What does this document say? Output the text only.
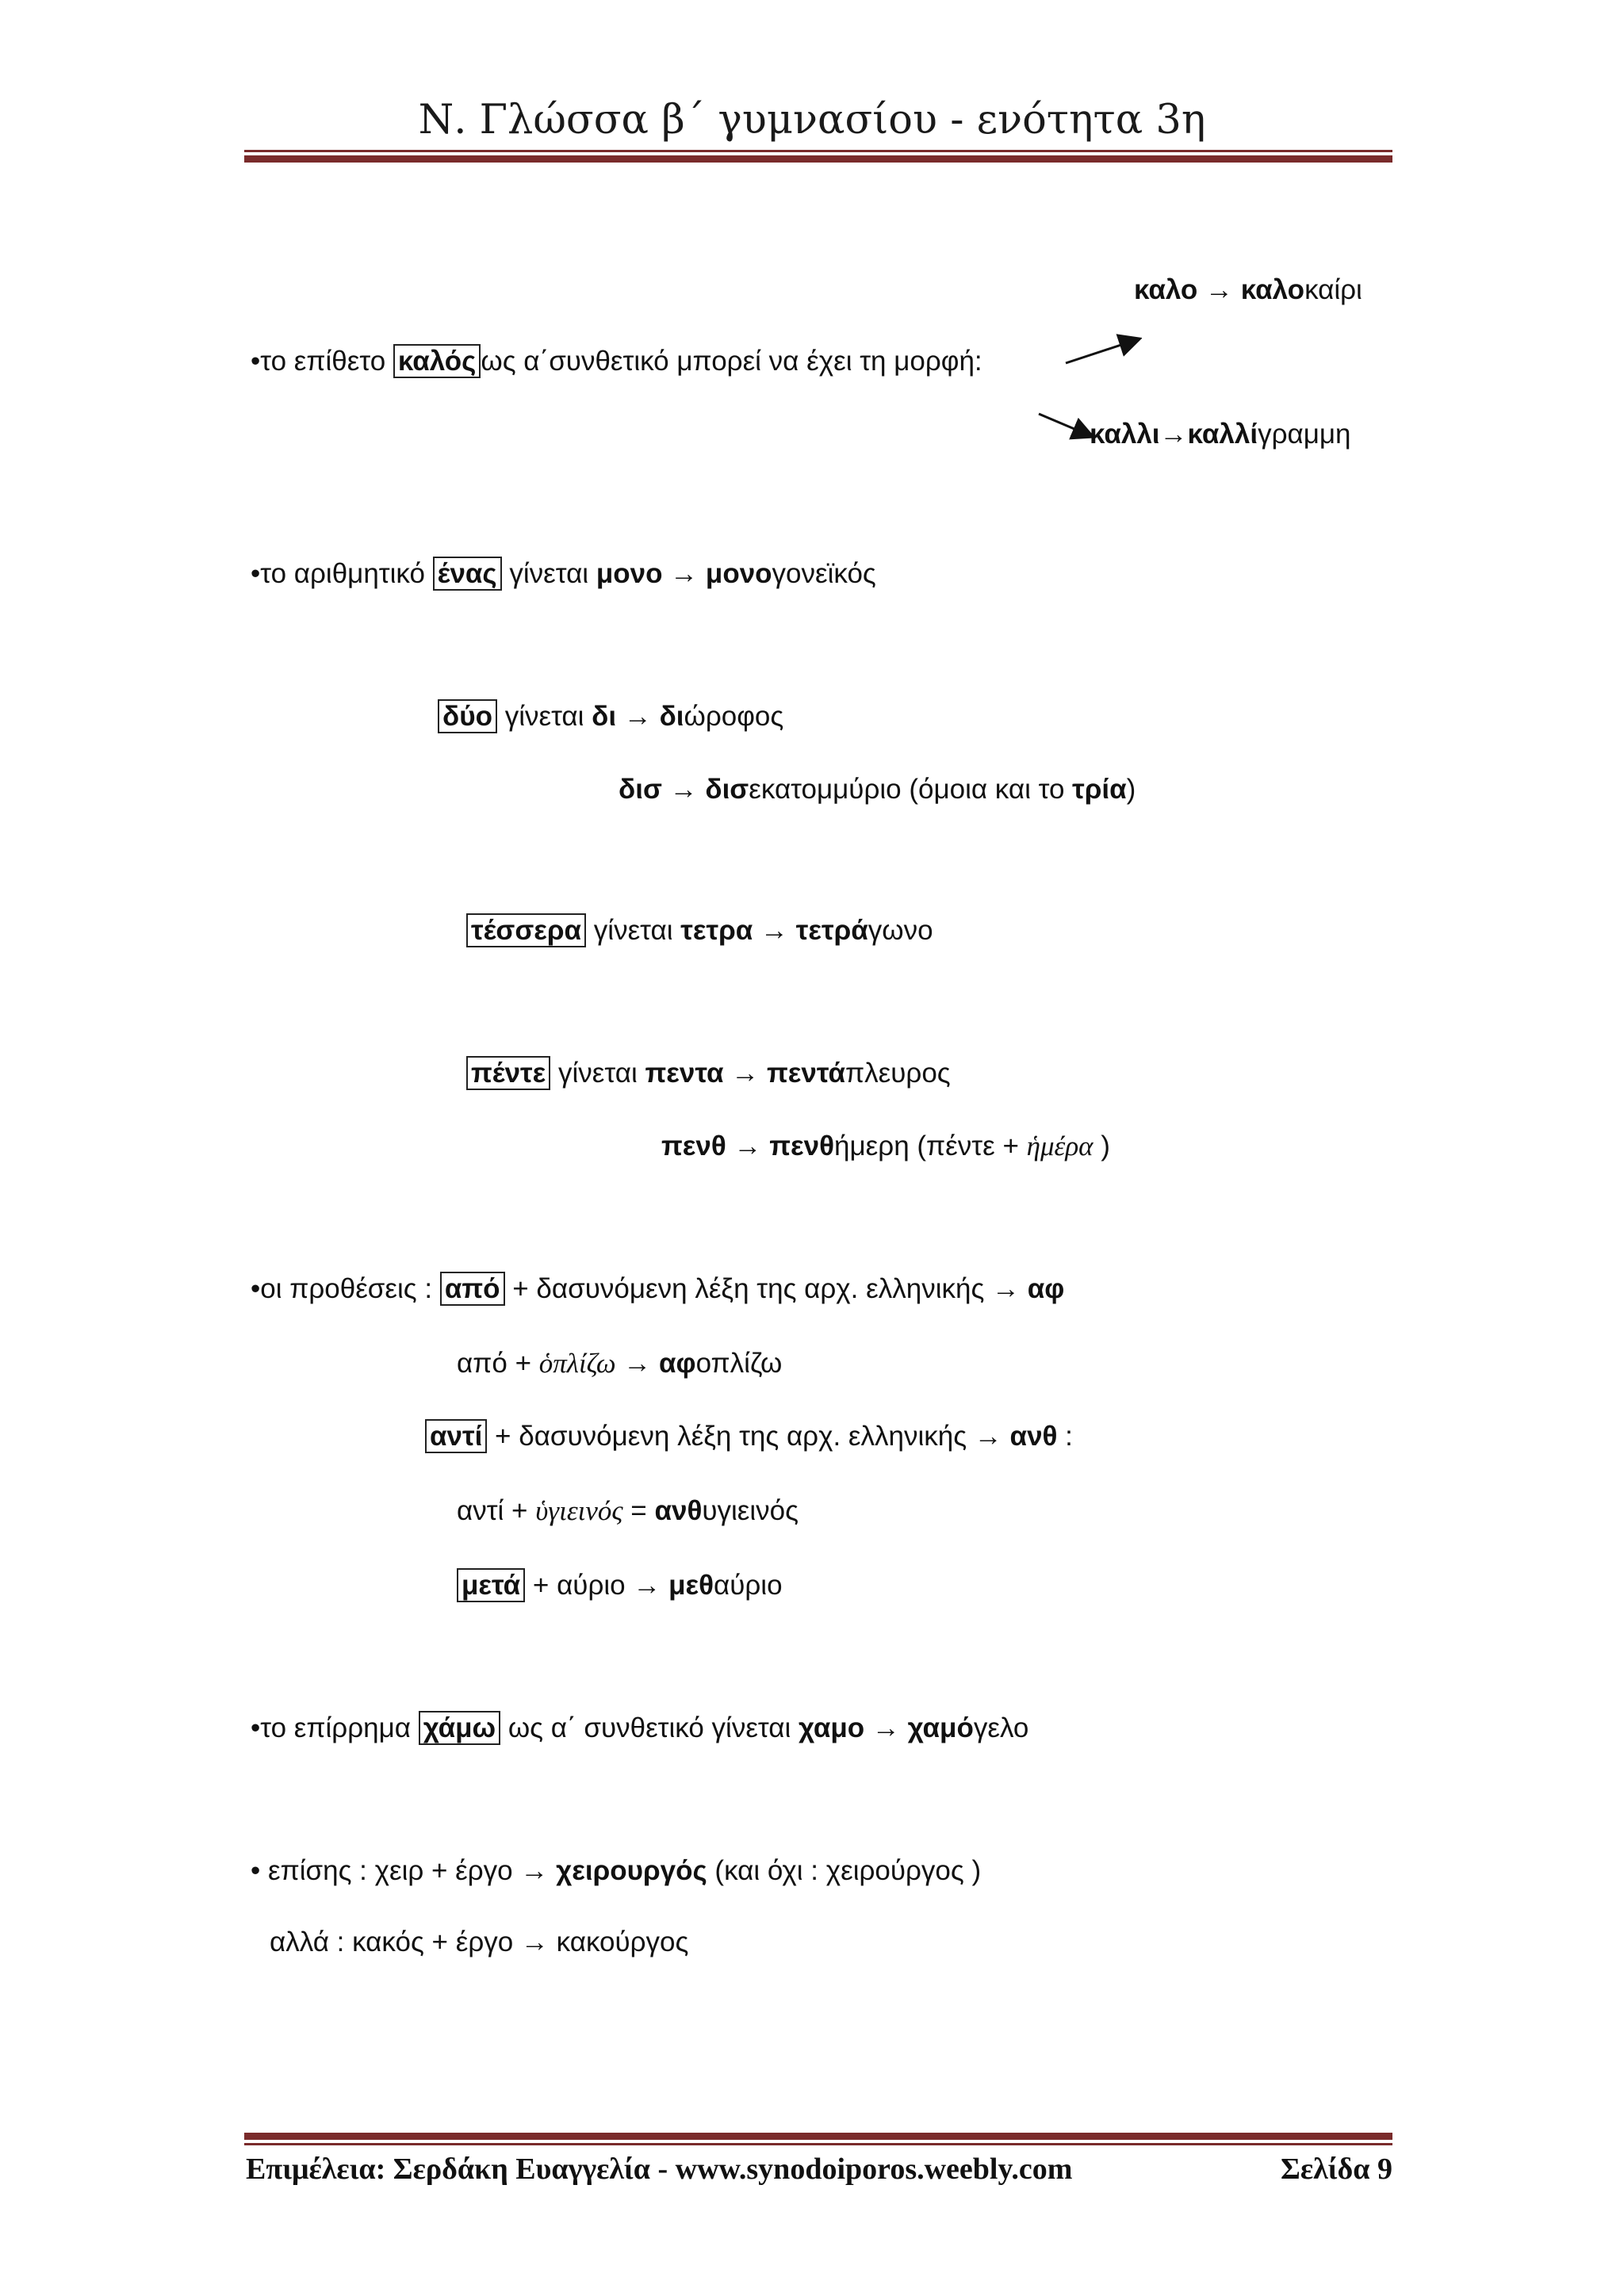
Ν. Γλώσσα β΄ γυμνασίου - ενότητα 3η
καλο → καλοκαίρι
•το επίθετο καλός ως α΄συνθετικό μπορεί να έχει τη μορφή:
καλλι→καλλίγραμμη
•το αριθμητικό ένας γίνεται μονο → μονογονεϊκός
δύο γίνεται δι → διώροφος
δισ → δισεκατομμύριο (όμοια και το τρία)
τέσσερα γίνεται τετρα → τετράγωνο
πέντε γίνεται πεντα → πεντάπλευρος
πενθ → πενθήμερη (πέντε + ἡμέρα )
•οι προθέσεις : από + δασυνόμενη λέξη της αρχ. ελληνικής → αφ
από + ὁπλίζω → αφοπλίζω
αντί + δασυνόμενη λέξη της αρχ. ελληνικής → ανθ :
αντί + ὑγιεινός = ανθυγιεινός
μετά + αύριο → μεθαύριο
•το επίρρημα χάμω ως α΄ συνθετικό γίνεται χαμο → χαμόγελο
• επίσης : χειρ + έργο → χειρουργός (και όχι : χειρούργος )
αλλά : κακός + έργο → κακούργος
Επιμέλεια: Σερδάκη Ευαγγελία - www.synodoiporos.weebly.com	Σελίδα 9
